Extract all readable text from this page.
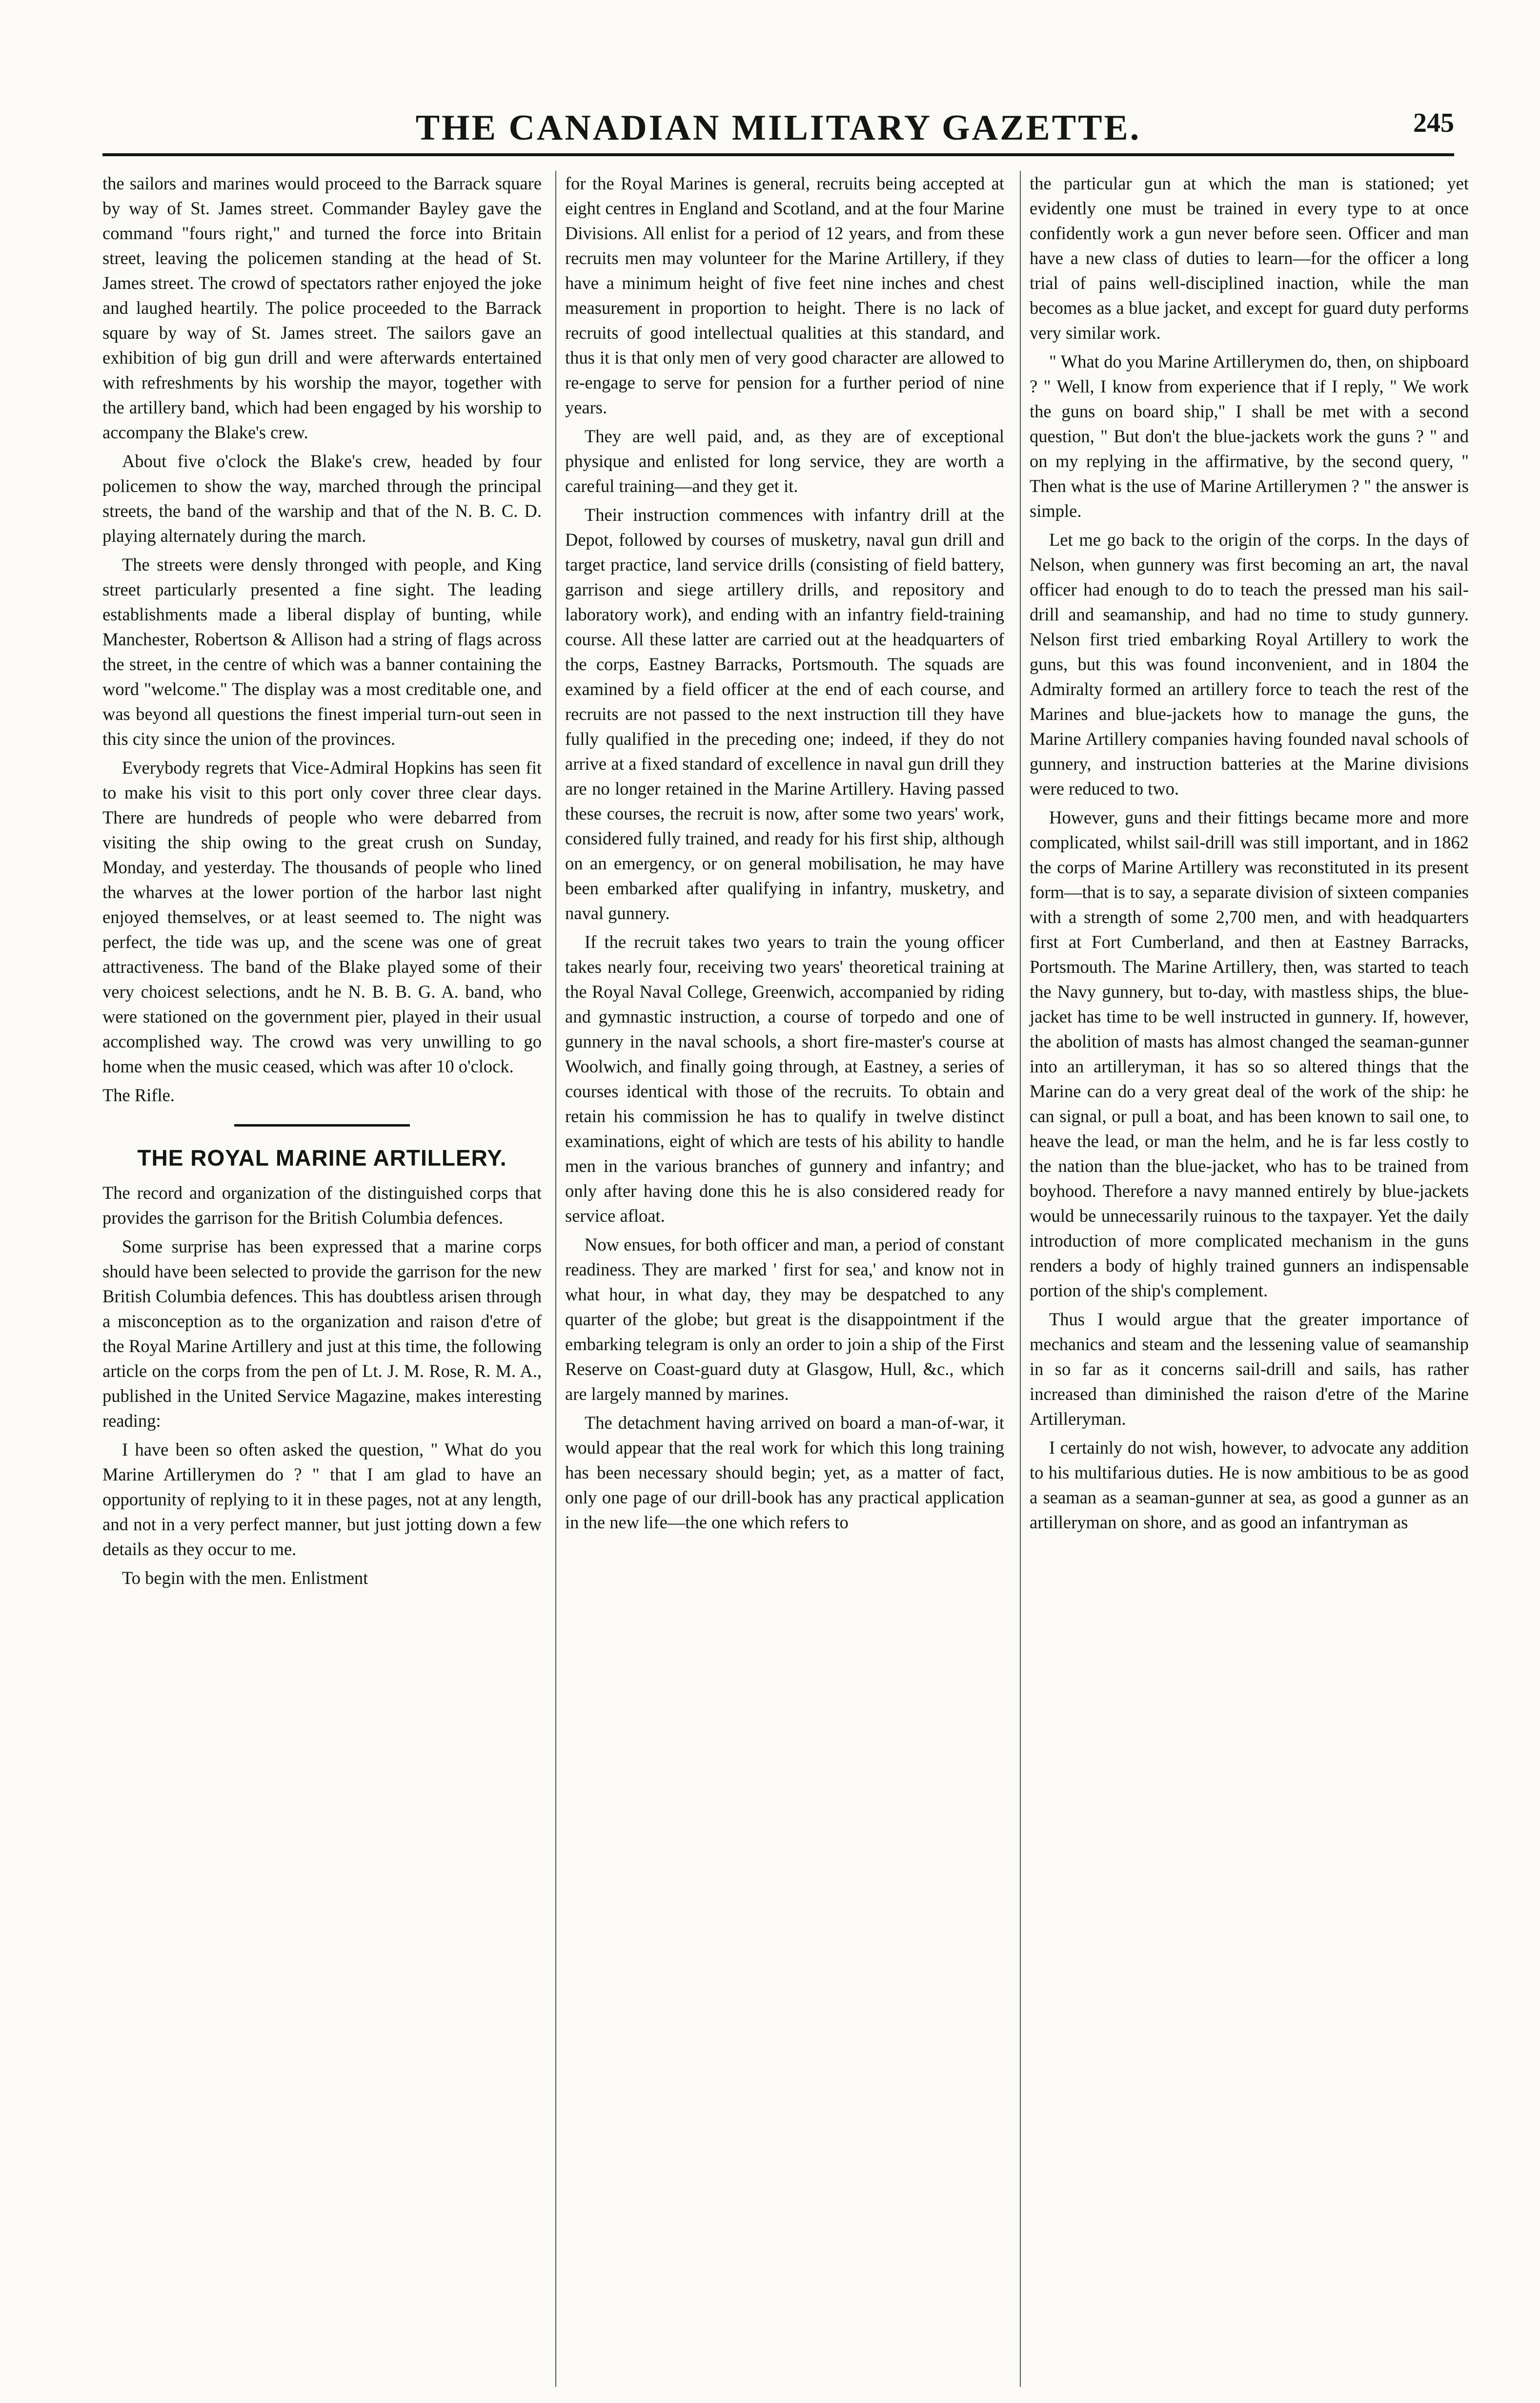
THE CANADIAN MILITARY GAZETTE.	245

the sailors and marines would proceed to the Barrack square by way of St. James street. Commander Bayley gave the command "fours right," and turned the force into Britain street, leaving the policemen standing at the head of St. James street. The crowd of spectators rather enjoyed the joke and laughed heartily. The police proceeded to the Barrack square by way of St. James street. The sailors gave an exhibition of big gun drill and were afterwards entertained with refreshments by his worship the mayor, together with the artillery band, which had been engaged by his worship to accompany the Blake's crew.

About five o'clock the Blake's crew, headed by four policemen to show the way, marched through the principal streets, the band of the warship and that of the N. B. C. D. playing alternately during the march.

The streets were densly thronged with people, and King street particularly presented a fine sight. The leading establishments made a liberal display of bunting, while Manchester, Robertson & Allison had a string of flags across the street, in the centre of which was a banner containing the word "welcome." The display was a most creditable one, and was beyond all questions the finest imperial turn-out seen in this city since the union of the provinces.

Everybody regrets that Vice-Admiral Hopkins has seen fit to make his visit to this port only cover three clear days. There are hundreds of people who were debarred from visiting the ship owing to the great crush on Sunday, Monday, and yesterday. The thousands of people who lined the wharves at the lower portion of the harbor last night enjoyed themselves, or at least seemed to. The night was perfect, the tide was up, and the scene was one of great attractiveness. The band of the Blake played some of their very choicest selections, andt he N. B. B. G. A. band, who were stationed on the government pier, played in their usual accomplished way. The crowd was very unwilling to go home when the music ceased, which was after 10 o'clock.

The Rifle.

THE ROYAL MARINE ARTILLERY.

The record and organization of the distinguished corps that provides the garrison for the British Columbia defences.

Some surprise has been expressed that a marine corps should have been selected to provide the garrison for the new British Columbia defences. This has doubtless arisen through a misconception as to the organization and raison d'etre of the Royal Marine Artillery and just at this time, the following article on the corps from the pen of Lt. J. M. Rose, R. M. A., published in the United Service Magazine, makes interesting reading:

I have been so often asked the question, " What do you Marine Artillerymen do ? " that I am glad to have an opportunity of replying to it in these pages, not at any length, and not in a very perfect manner, but just jotting down a few details as they occur to me.

To begin with the men. Enlistment

for the Royal Marines is general, recruits being accepted at eight centres in England and Scotland, and at the four Marine Divisions. All enlist for a period of 12 years, and from these recruits men may volunteer for the Marine Artillery, if they have a minimum height of five feet nine inches and chest measurement in proportion to height. There is no lack of recruits of good intellectual qualities at this standard, and thus it is that only men of very good character are allowed to re-engage to serve for pension for a further period of nine years.

They are well paid, and, as they are of exceptional physique and enlisted for long service, they are worth a careful training—and they get it.

Their instruction commences with infantry drill at the Depot, followed by courses of musketry, naval gun drill and target practice, land service drills (consisting of field battery, garrison and siege artillery drills, and repository and laboratory work), and ending with an infantry field-training course. All these latter are carried out at the headquarters of the corps, Eastney Barracks, Portsmouth. The squads are examined by a field officer at the end of each course, and recruits are not passed to the next instruction till they have fully qualified in the preceding one; indeed, if they do not arrive at a fixed standard of excellence in naval gun drill they are no longer retained in the Marine Artillery. Having passed these courses, the recruit is now, after some two years' work, considered fully trained, and ready for his first ship, although on an emergency, or on general mobilisation, he may have been embarked after qualifying in infantry, musketry, and naval gunnery.

If the recruit takes two years to train the young officer takes nearly four, receiving two years' theoretical training at the Royal Naval College, Greenwich, accompanied by riding and gymnastic instruction, a course of torpedo and one of gunnery in the naval schools, a short fire-master's course at Woolwich, and finally going through, at Eastney, a series of courses identical with those of the recruits. To obtain and retain his commission he has to qualify in twelve distinct examinations, eight of which are tests of his ability to handle men in the various branches of gunnery and infantry; and only after having done this he is also considered ready for service afloat.

Now ensues, for both officer and man, a period of constant readiness. They are marked ' first for sea,' and know not in what hour, in what day, they may be despatched to any quarter of the globe; but great is the disappointment if the embarking telegram is only an order to join a ship of the First Reserve on Coast-guard duty at Glasgow, Hull, &c., which are largely manned by marines.

The detachment having arrived on board a man-of-war, it would appear that the real work for which this long training has been necessary should begin; yet, as a matter of fact, only one page of our drill-book has any practical application in the new life—the one which refers to

the particular gun at which the man is stationed; yet evidently one must be trained in every type to at once confidently work a gun never before seen. Officer and man have a new class of duties to learn—for the officer a long trial of pains well-disciplined inaction, while the man becomes as a blue jacket, and except for guard duty performs very similar work.

" What do you Marine Artillerymen do, then, on shipboard ? " Well, I know from experience that if I reply, " We work the guns on board ship," I shall be met with a second question, " But don't the blue-jackets work the guns ? " and on my replying in the affirmative, by the second query, " Then what is the use of Marine Artillerymen ? " the answer is simple.

Let me go back to the origin of the corps. In the days of Nelson, when gunnery was first becoming an art, the naval officer had enough to do to teach the pressed man his sail-drill and seamanship, and had no time to study gunnery. Nelson first tried embarking Royal Artillery to work the guns, but this was found inconvenient, and in 1804 the Admiralty formed an artillery force to teach the rest of the Marines and blue-jackets how to manage the guns, the Marine Artillery companies having founded naval schools of gunnery, and instruction batteries at the Marine divisions were reduced to two.

However, guns and their fittings became more and more complicated, whilst sail-drill was still important, and in 1862 the corps of Marine Artillery was reconstituted in its present form—that is to say, a separate division of sixteen companies with a strength of some 2,700 men, and with headquarters first at Fort Cumberland, and then at Eastney Barracks, Portsmouth. The Marine Artillery, then, was started to teach the Navy gunnery, but to-day, with mastless ships, the blue-jacket has time to be well instructed in gunnery. If, however, the abolition of masts has almost changed the seaman-gunner into an artilleryman, it has so so altered things that the Marine can do a very great deal of the work of the ship: he can signal, or pull a boat, and has been known to sail one, to heave the lead, or man the helm, and he is far less costly to the nation than the blue-jacket, who has to be trained from boyhood. Therefore a navy manned entirely by blue-jackets would be unnecessarily ruinous to the taxpayer. Yet the daily introduction of more complicated mechanism in the guns renders a body of highly trained gunners an indispensable portion of the ship's complement.

Thus I would argue that the greater importance of mechanics and steam and the lessening value of seamanship in so far as it concerns sail-drill and sails, has rather increased than diminished the raison d'etre of the Marine Artilleryman.

I certainly do not wish, however, to advocate any addition to his multifarious duties. He is now ambitious to be as good a seaman as a seaman-gunner at sea, as good a gunner as an artilleryman on shore, and as good an infantryman as
